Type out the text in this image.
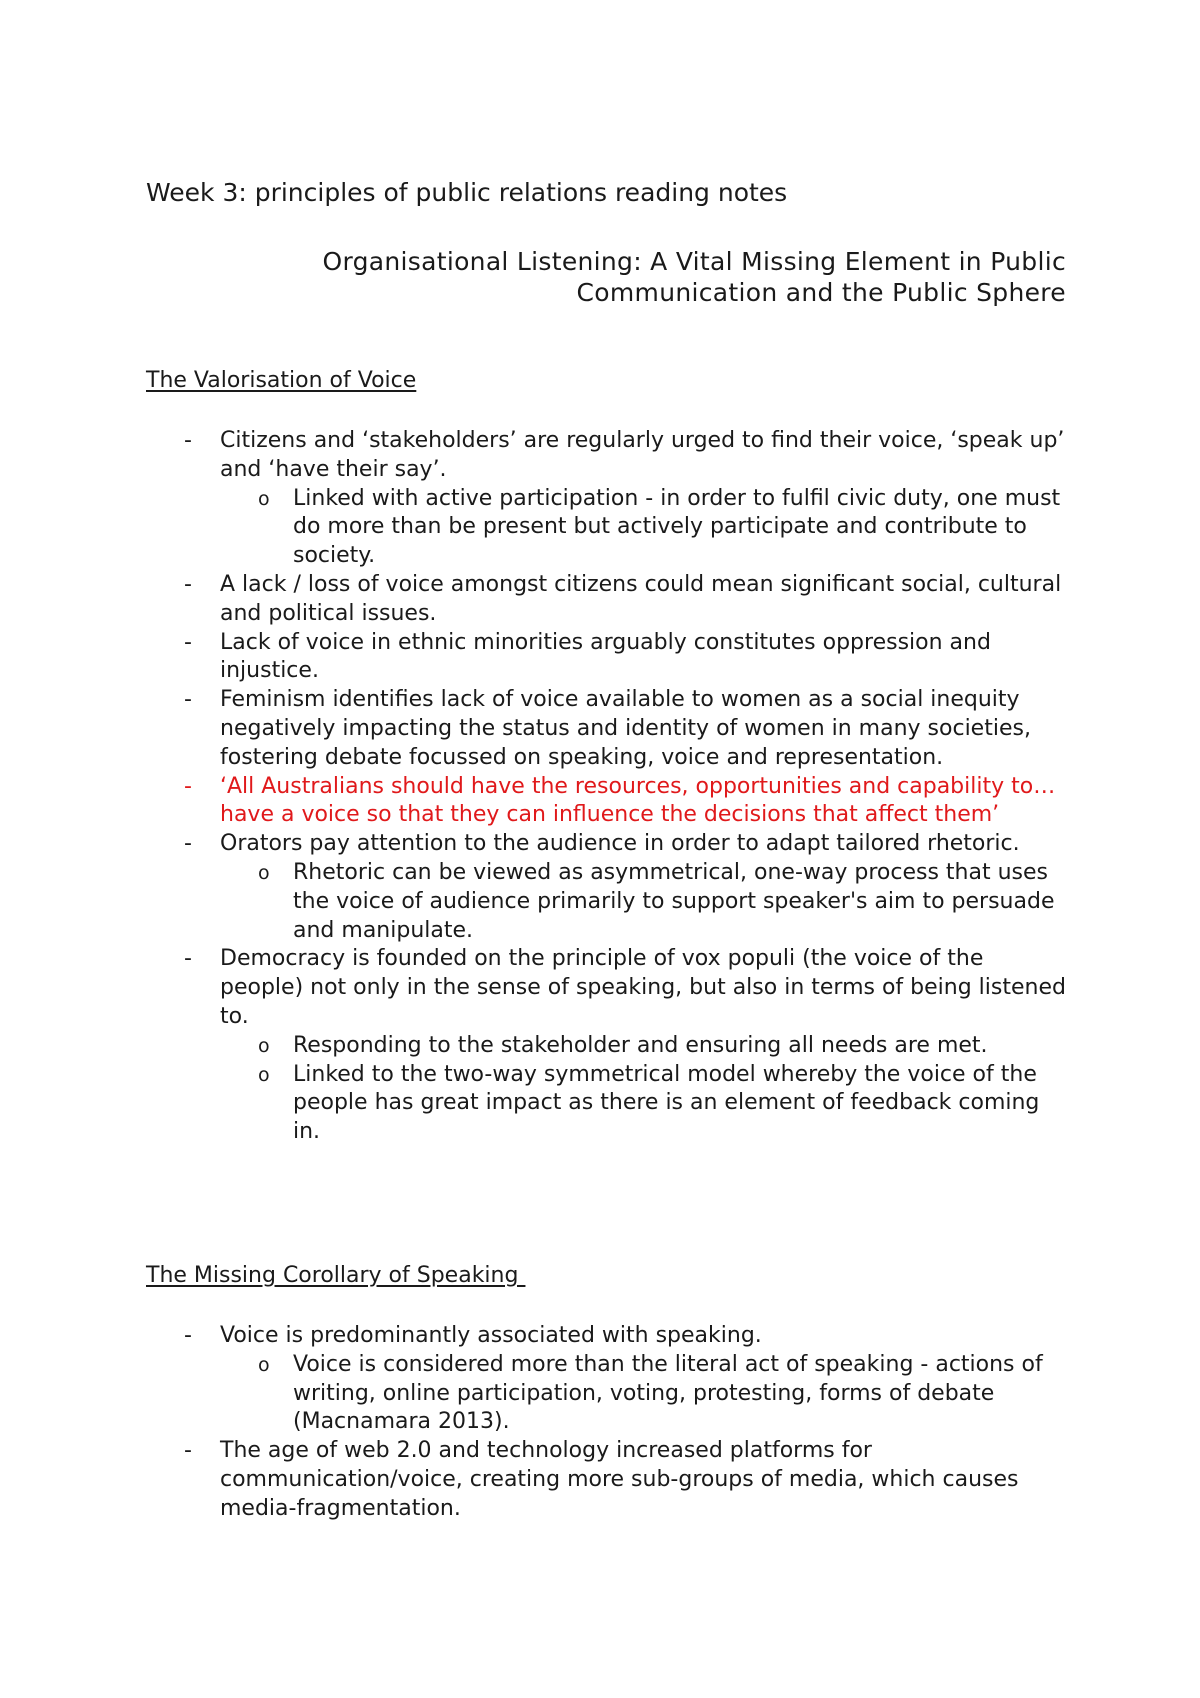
Week 3: principles of public relations reading notes
Organisational Listening: A Vital Missing Element in Public Communication and the Public Sphere
The Valorisation of Voice
- Citizens and ‘stakeholders’ are regularly urged to find their voice, ‘speak up’ and ‘have their say’.
o Linked with active participation - in order to fulfil civic duty, one must do more than be present but actively participate and contribute to society.
- A lack / loss of voice amongst citizens could mean significant social, cultural and political issues.
- Lack of voice in ethnic minorities arguably constitutes oppression and injustice.
- Feminism identifies lack of voice available to women as a social inequity negatively impacting the status and identity of women in many societies, fostering debate focussed on speaking, voice and representation.
- ‘All Australians should have the resources, opportunities and capability to… have a voice so that they can influence the decisions that affect them’
- Orators pay attention to the audience in order to adapt tailored rhetoric.
o Rhetoric can be viewed as asymmetrical, one-way process that uses the voice of audience primarily to support speaker's aim to persuade and manipulate.
- Democracy is founded on the principle of vox populi (the voice of the people) not only in the sense of speaking, but also in terms of being listened to.
o Responding to the stakeholder and ensuring all needs are met.
o Linked to the two-way symmetrical model whereby the voice of the people has great impact as there is an element of feedback coming in.
The Missing Corollary of Speaking
- Voice is predominantly associated with speaking.
o Voice is considered more than the literal act of speaking - actions of writing, online participation, voting, protesting, forms of debate (Macnamara 2013).
- The age of web 2.0 and technology increased platforms for communication/voice, creating more sub-groups of media, which causes media-fragmentation.
